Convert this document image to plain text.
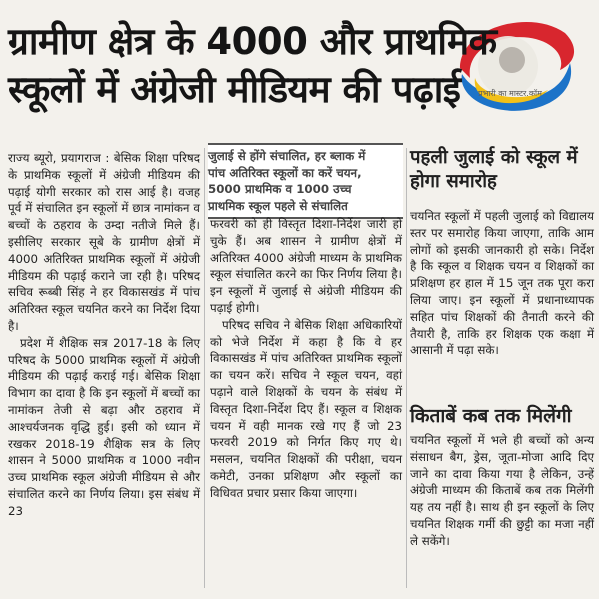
प्रभारी का मास्टर.कॉम
ग्रामीण क्षेत्र के 4000 और प्राथमिक
स्कूलों में अंग्रेजी मीडियम की पढ़ाई

राज्य ब्यूरो, प्रयागराज : बेसिक शिक्षा परिषद के प्राथमिक स्कूलों में अंग्रेजी मीडियम की पढ़ाई योगी सरकार को रास आई है। वजह पूर्व में संचालित इन स्कूलों में छात्र नामांकन व बच्चों के ठहराव के उम्दा नतीजे मिले हैं। इसीलिए सरकार सूबे के ग्रामीण क्षेत्रों में 4000 अतिरिक्त प्राथमिक स्कूलों में अंग्रेजी मीडियम की पढ़ाई कराने जा रही है। परिषद सचिव रूब्बी सिंह ने हर विकासखंड में पांच अतिरिक्त स्कूल चयनित करने का निर्देश दिया है।

प्रदेश में शैक्षिक सत्र 2017-18 के लिए परिषद के 5000 प्राथमिक स्कूलों में अंग्रेजी मीडियम की पढ़ाई कराई गई। बेसिक शिक्षा विभाग का दावा है कि इन स्कूलों में बच्चों का नामांकन तेजी से बढ़ा और ठहराव में आश्चर्यजनक वृद्धि हुई। इसी को ध्यान में रखकर 2018-19 शैक्षिक सत्र के लिए शासन ने 5000 प्राथमिक व 1000 नवीन उच्च प्राथमिक स्कूल अंग्रेजी मीडियम से और संचालित करने का निर्णय लिया। इस संबंध में 23

जुलाई से होंगे संचालित, हर ब्लाक में
पांच अतिरिक्त स्कूलों का करें चयन,
5000 प्राथमिक व 1000 उच्च
प्राथमिक स्कूल पहले से संचालित

फरवरी को ही विस्तृत दिशा-निर्देश जारी हो चुके हैं। अब शासन ने ग्रामीण क्षेत्रों में अतिरिक्त 4000 अंग्रेजी माध्यम के प्राथमिक स्कूल संचालित करने का फिर निर्णय लिया है। इन स्कूलों में जुलाई से अंग्रेजी मीडियम की पढ़ाई होगी।

परिषद सचिव ने बेसिक शिक्षा अधिकारियों को भेजे निर्देश में कहा है कि वे हर विकासखंड में पांच अतिरिक्त प्राथमिक स्कूलों का चयन करें। सचिव ने स्कूल चयन, वहां पढ़ाने वाले शिक्षकों के चयन के संबंध में विस्तृत दिशा-निर्देश दिए हैं। स्कूल व शिक्षक चयन में वही मानक रखे गए हैं जो 23 फरवरी 2019 को निर्गत किए गए थे। मसलन, चयनित शिक्षकों की परीक्षा, चयन कमेटी, उनका प्रशिक्षण और स्कूलों का विधिवत प्रचार प्रसार किया जाएगा।

पहली जुलाई को स्कूल में होगा समारोह

चयनित स्कूलों में पहली जुलाई को विद्यालय स्तर पर समारोह किया जाएगा, ताकि आम लोगों को इसकी जानकारी हो सके। निर्देश है कि स्कूल व शिक्षक चयन व शिक्षकों का प्रशिक्षण हर हाल में 15 जून तक पूरा करा लिया जाए। इन स्कूलों में प्रधानाध्यापक सहित पांच शिक्षकों की तैनाती करने की तैयारी है, ताकि हर शिक्षक एक कक्षा में आसानी में पढ़ा सके।

किताबें कब तक मिलेंगी

चयनित स्कूलों में भले ही बच्चों को अन्य संसाधन बैग, ड्रेस, जूता-मोजा आदि दिए जाने का दावा किया गया है लेकिन, उन्हें अंग्रेजी माध्यम की किताबें कब तक मिलेंगी यह तय नहीं है। साथ ही इन स्कूलों के लिए चयनित शिक्षक गर्मी की छुट्टी का मजा नहीं ले सकेंगे।
